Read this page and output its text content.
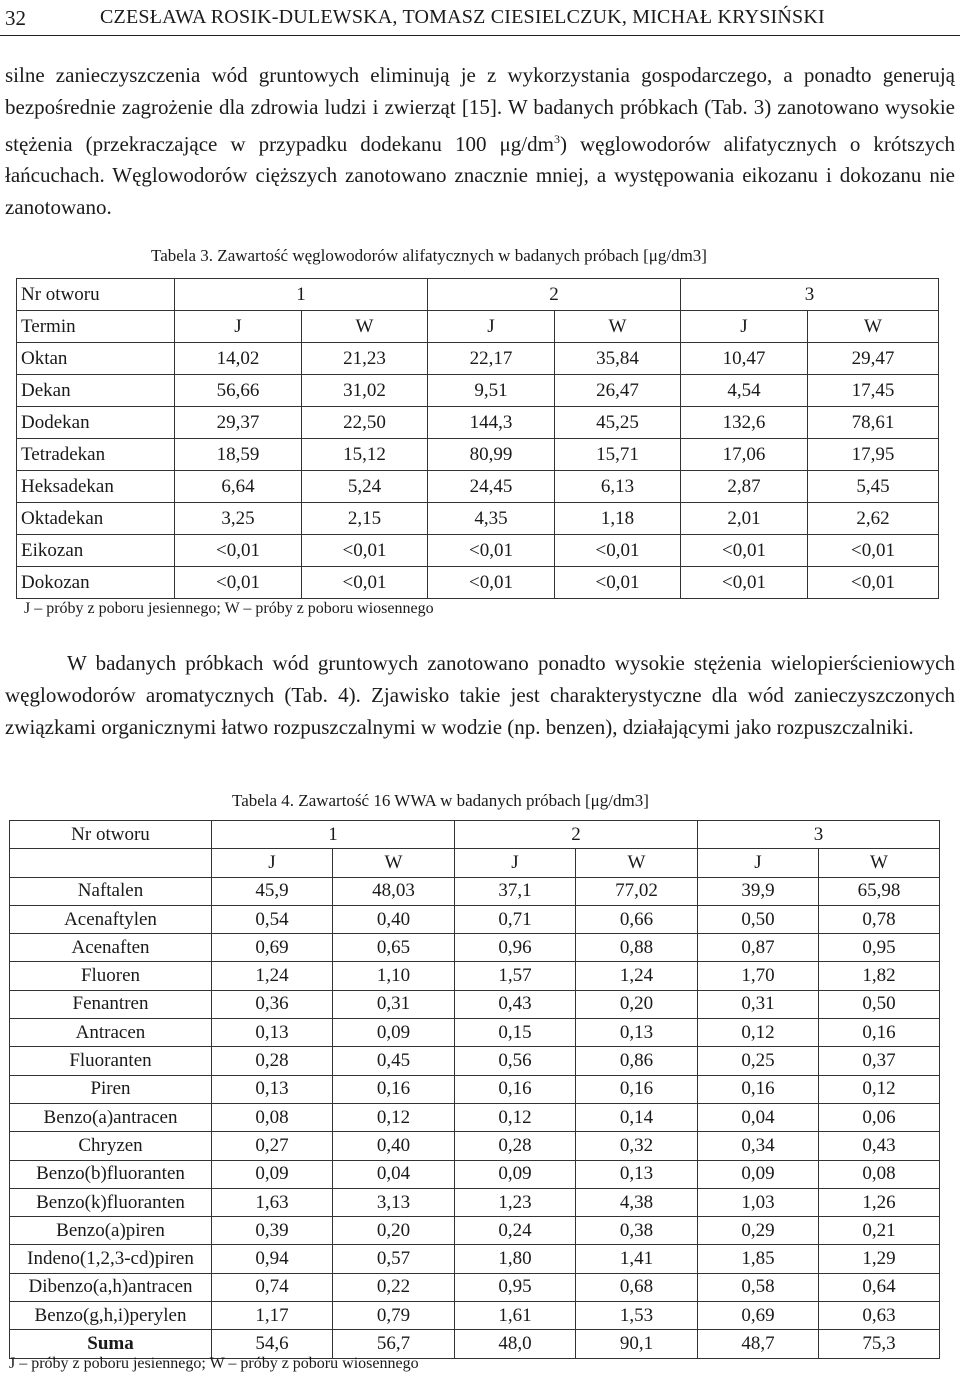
32	CZESŁAWA ROSIK-DULEWSKA, TOMASZ CIESIELCZUK, MICHAŁ KRYSIŃSKI

silne zanieczyszczenia wód gruntowych eliminują je z wykorzystania gospodarczego, a ponadto generują bezpośrednie zagrożenie dla zdrowia ludzi i zwierząt [15]. W badanych próbkach (Tab. 3) zanotowano wysokie stężenia (przekraczające w przypadku dodekanu 100 $\mu g/dm^3$) węglowodorów alifatycznych o krótszych łańcuchach. Węglowodorów cięższych zanotowano znacznie mniej, a występowania eikozanu i dokozanu nie zanotowano.

Tabela 3. Zawartość węglowodorów alifatycznych w badanych próbach [μg/dm3]
Nr otworu	1		2		3	
Termin	J	W	J	W	J	W
Oktan	14,02	21,23	22,17	35,84	10,47	29,47
Dekan	56,66	31,02	9,51	26,47	4,54	17,45
Dodekan	29,37	22,50	144,3	45,25	132,6	78,61
Tetradekan	18,59	15,12	80,99	15,71	17,06	17,95
Heksadekan	6,64	5,24	24,45	6,13	2,87	5,45
Oktadekan	3,25	2,15	4,35	1,18	2,01	2,62
Eikozan	<0,01	<0,01	<0,01	<0,01	<0,01	<0,01
Dokozan	<0,01	<0,01	<0,01	<0,01	<0,01	<0,01
J – próby z poboru jesiennego; W – próby z poboru wiosennego

W badanych próbkach wód gruntowych zanotowano ponadto wysokie stężenia wielopierścieniowych węglowodorów aromatycznych (Tab. 4). Zjawisko takie jest charakterystyczne dla wód zanieczyszczonych związkami organicznymi łatwo rozpuszczalnymi w wodzie (np. benzen), działającymi jako rozpuszczalniki.

Tabela 4. Zawartość 16 WWA w badanych próbach [μg/dm3]
Nr otworu	1		2		3	
	J	W	J	W	J	W
Naftalen	45,9	48,03	37,1	77,02	39,9	65,98
Acenaftylen	0,54	0,40	0,71	0,66	0,50	0,78
Acenaften	0,69	0,65	0,96	0,88	0,87	0,95
Fluoren	1,24	1,10	1,57	1,24	1,70	1,82
Fenantren	0,36	0,31	0,43	0,20	0,31	0,50
Antracen	0,13	0,09	0,15	0,13	0,12	0,16
Fluoranten	0,28	0,45	0,56	0,86	0,25	0,37
Piren	0,13	0,16	0,16	0,16	0,16	0,12
Benzo(a)antracen	0,08	0,12	0,12	0,14	0,04	0,06
Chryzen	0,27	0,40	0,28	0,32	0,34	0,43
Benzo(b)fluoranten	0,09	0,04	0,09	0,13	0,09	0,08
Benzo(k)fluoranten	1,63	3,13	1,23	4,38	1,03	1,26
Benzo(a)piren	0,39	0,20	0,24	0,38	0,29	0,21
Indeno(1,2,3-cd)piren	0,94	0,57	1,80	1,41	1,85	1,29
Dibenzo(a,h)antracen	0,74	0,22	0,95	0,68	0,58	0,64
Benzo(g,h,i)perylen	1,17	0,79	1,61	1,53	0,69	0,63
Suma	54,6	56,7	48,0	90,1	48,7	75,3
J – próby z poboru jesiennego; W – próby z poboru wiosennego
